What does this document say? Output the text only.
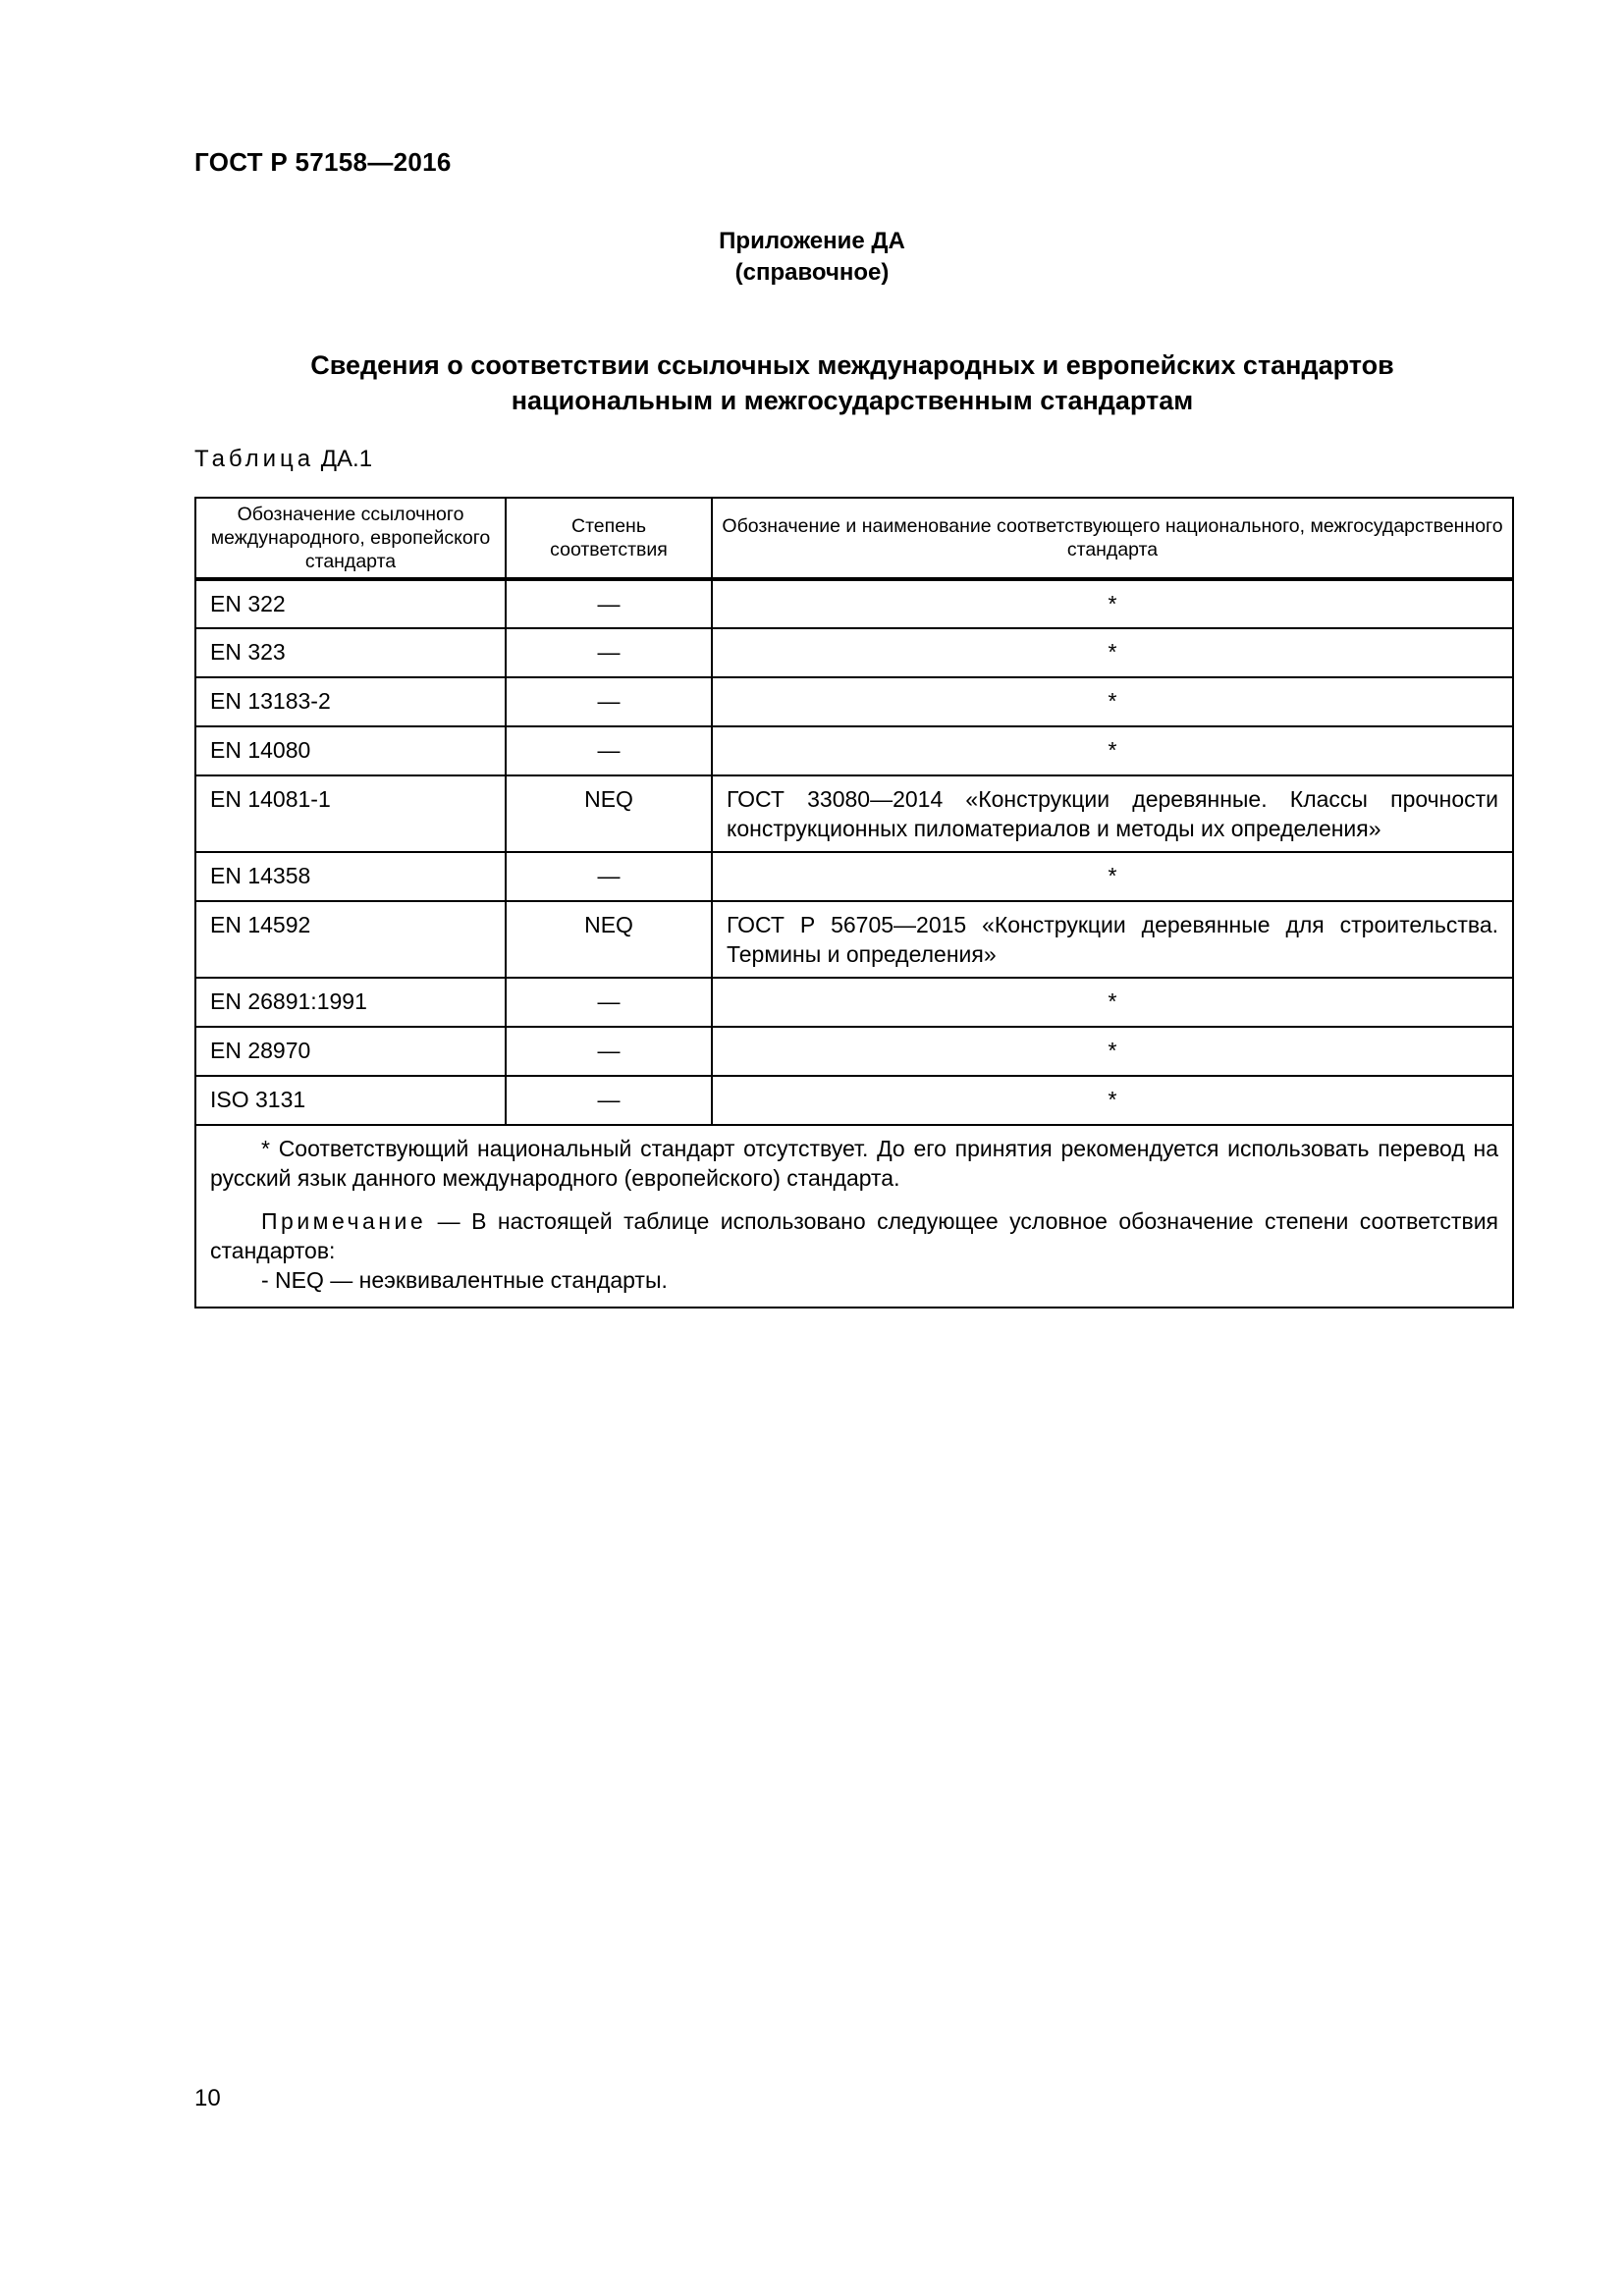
ГОСТ Р 57158—2016
Приложение ДА
(справочное)
Сведения о соответствии ссылочных международных и европейских стандартов
национальным и межгосударственным стандартам
Таблица ДА.1
Обозначение ссылочного международного, европейского стандарта	Степень соответствия	Обозначение и наименование соответствующего национального, межгосударственного стандарта
EN 322	—	*
EN 323	—	*
EN 13183-2	—	*
EN 14080	—	*
EN 14081-1	NEQ	ГОСТ 33080—2014 «Конструкции деревянные. Классы прочности конструкционных пиломатериалов и методы их определения»
EN 14358	—	*
EN 14592	NEQ	ГОСТ Р 56705—2015 «Конструкции деревянные для строительства. Термины и определения»
EN 26891:1991	—	*
EN 28970	—	*
ISO 3131	—	*

* Соответствующий национальный стандарт отсутствует. До его принятия рекомендуется использовать перевод на русский язык данного международного (европейского) стандарта.

Примечание — В настоящей таблице использовано следующее условное обозначение степени соответствия стандартов:

- NEQ — неэквивалентные стандарты.		

10
